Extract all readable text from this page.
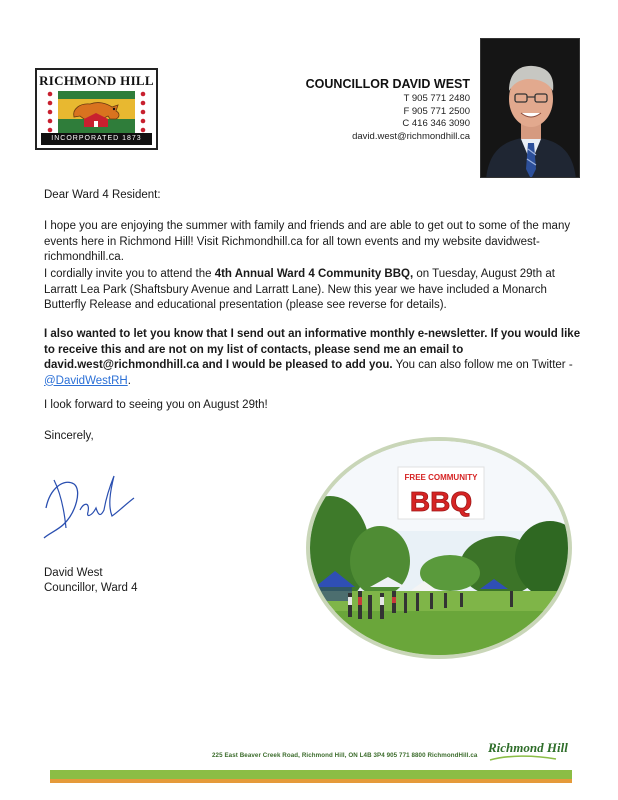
RICHMOND HILL
INCORPORATED 1873
COUNCILLOR DAVID WEST
T 905 771 2480
F 905 771 2500
C 416 346 3090
david.west@richmondhill.ca
Dear Ward 4 Resident:

I hope you are enjoying the summer with family and friends and are able to get out to some of the many events here in Richmond Hill! Visit Richmondhill.ca for all town events and my website davidwest-richmondhill.ca.

I cordially invite you to attend the 4th Annual Ward 4 Community BBQ, on Tuesday, August 29th at Larratt Lea Park (Shaftsbury Avenue and Larratt Lane). New this year we have included a Monarch Butterfly Release and educational presentation (please see reverse for details).

I also wanted to let you know that I send out an informative monthly e-newsletter. If you would like to receive this and are not on my list of contacts, please send me an email to david.west@richmondhill.ca and I would be pleased to add you. You can also follow me on Twitter - @DavidWestRH.

I look forward to seeing you on August 29th!
Sincerely,
David West
Councillor, Ward 4
FREE COMMUNITY
BBQ
225 East Beaver Creek Road, Richmond Hill, ON L4B 3P4 905 771 8800 RichmondHill.ca
Richmond Hill
